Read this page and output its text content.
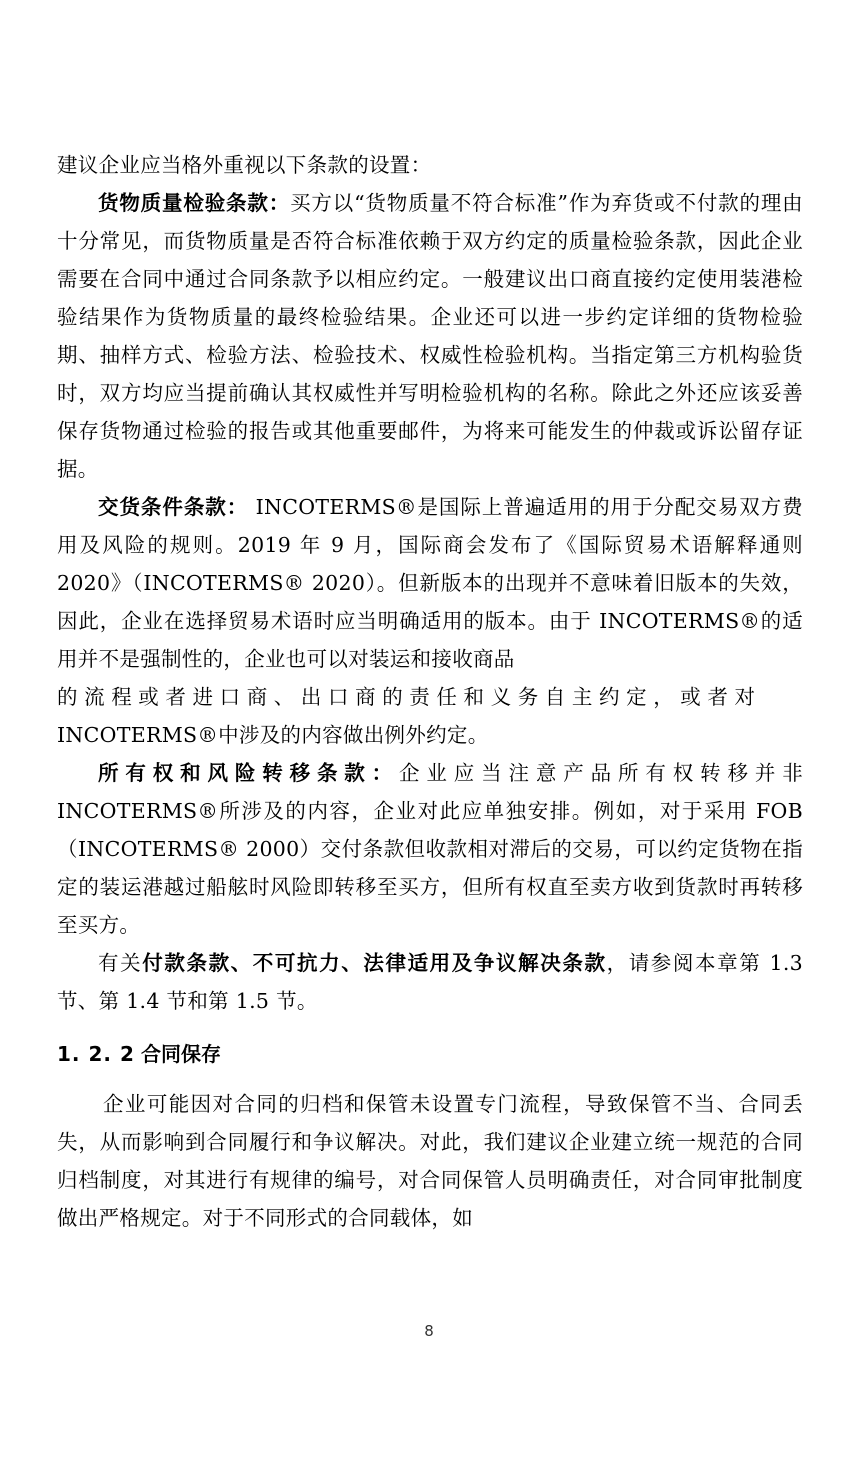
建议企业应当格外重视以下条款的设置：

货物质量检验条款：买方以“货物质量不符合标准”作为弃货或不付款的理由十分常见，而货物质量是否符合标准依赖于双方约定的质量检验条款，因此企业需要在合同中通过合同条款予以相应约定。一般建议出口商直接约定使用装港检验结果作为货物质量的最终检验结果。企业还可以进一步约定详细的货物检验期、抽样方式、检验方法、检验技术、权威性检验机构。当指定第三方机构验货时，双方均应当提前确认其权威性并写明检验机构的名称。除此之外还应该妥善保存货物通过检验的报告或其他重要邮件，为将来可能发生的仲裁或诉讼留存证据。

交货条件条款： INCOTERMS®是国际上普遍适用的用于分配交易双方费用及风险的规则。2019 年 9 月，国际商会发布了《国际贸易术语解释通则 2020》（INCOTERMS® 2020）。但新版本的出现并不意味着旧版本的失效，因此，企业在选择贸易术语时应当明确适用的版本。由于 INCOTERMS®的适用并不是强制性的，企业也可以对装运和接收商品

的流程或者进口商、出口商的责任和义务自主约定，或者对

INCOTERMS®中涉及的内容做出例外约定。

所有权和风险转移条款：企业应当注意产品所有权转移并非 INCOTERMS®所涉及的内容，企业对此应单独安排。例如，对于采用 FOB（INCOTERMS® 2000）交付条款但收款相对滞后的交易，可以约定货物在指定的装运港越过船舷时风险即转移至买方，但所有权直至卖方收到货款时再转移至买方。

有关付款条款、不可抗力、法律适用及争议解决条款，请参阅本章第 1.3 节、第 1.4 节和第 1.5 节。

1. 2. 2 合同保存

企业可能因对合同的归档和保管未设置专门流程，导致保管不当、合同丢失，从而影响到合同履行和争议解决。对此，我们建议企业建立统一规范的合同归档制度，对其进行有规律的编号，对合同保管人员明确责任，对合同审批制度做出严格规定。对于不同形式的合同载体，如

8
